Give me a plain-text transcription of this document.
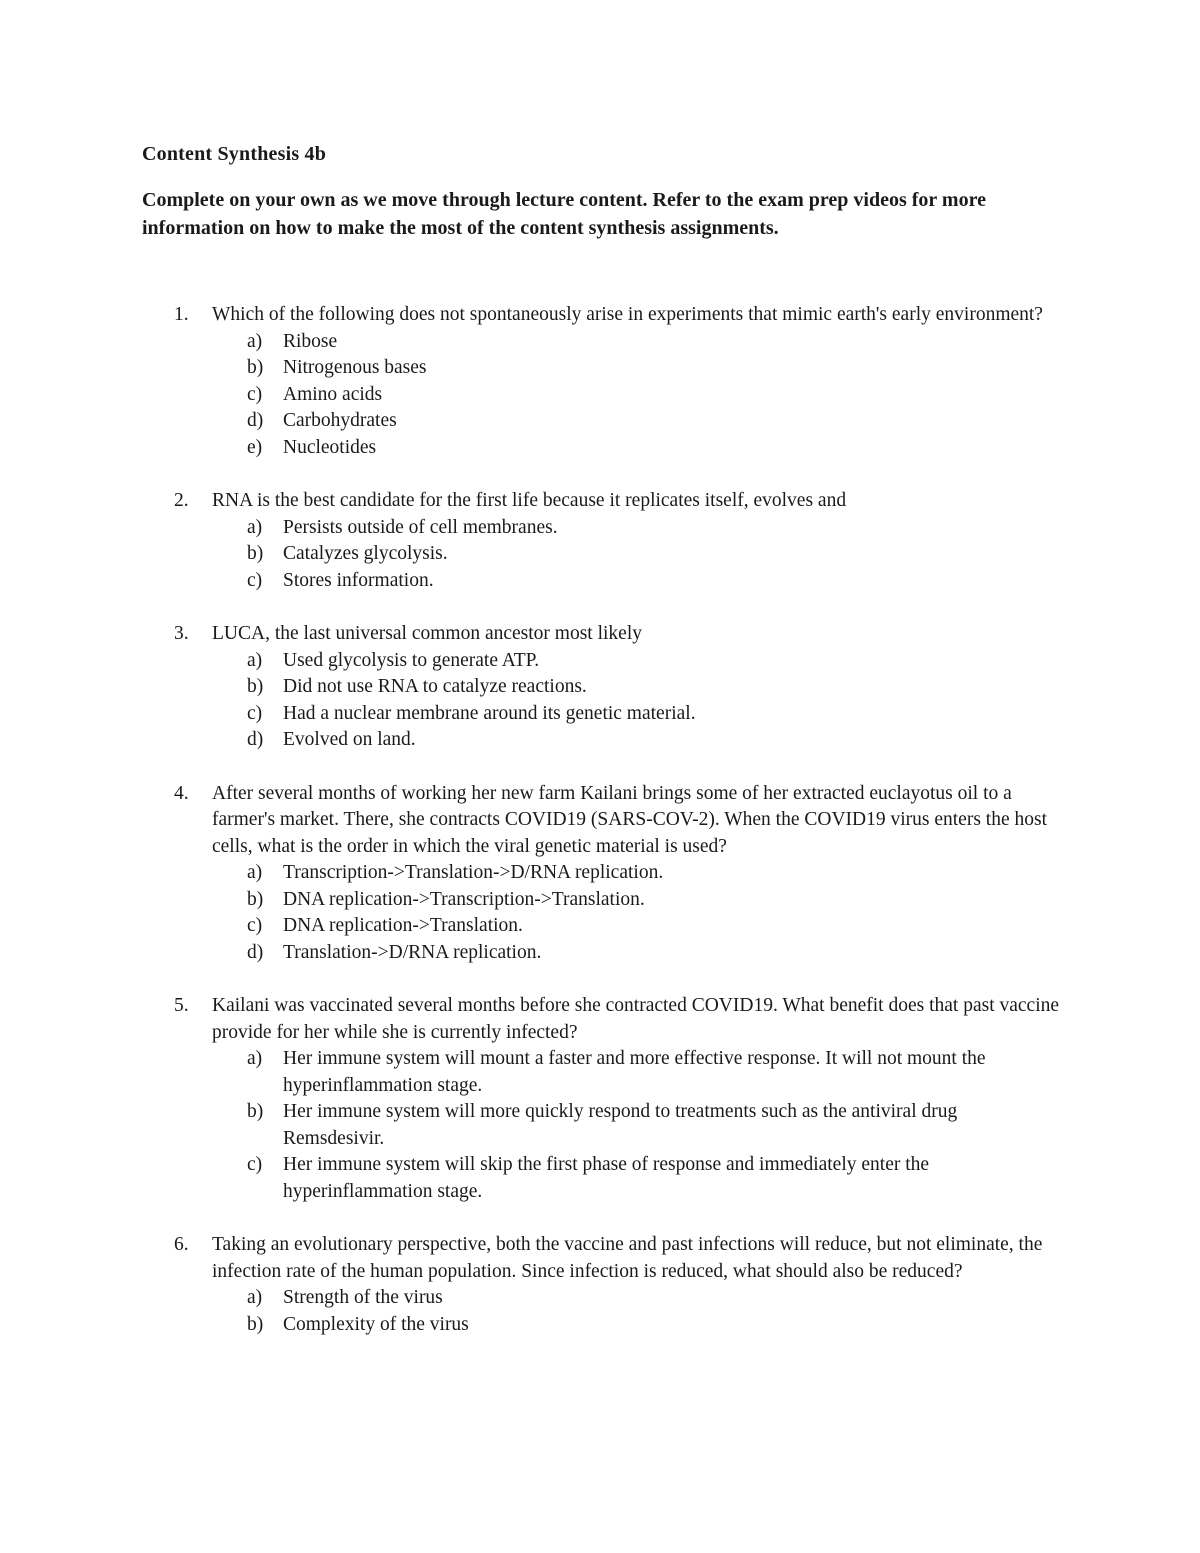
Content Synthesis 4b
Complete on your own as we move through lecture content. Refer to the exam prep videos for more information on how to make the most of the content synthesis assignments.
1. Which of the following does not spontaneously arise in experiments that mimic earth's early environment?
a) Ribose
b) Nitrogenous bases
c) Amino acids
d) Carbohydrates
e) Nucleotides
2. RNA is the best candidate for the first life because it replicates itself, evolves and
a) Persists outside of cell membranes.
b) Catalyzes glycolysis.
c) Stores information.
3. LUCA, the last universal common ancestor most likely
a) Used glycolysis to generate ATP.
b) Did not use RNA to catalyze reactions.
c) Had a nuclear membrane around its genetic material.
d) Evolved on land.
4. After several months of working her new farm Kailani brings some of her extracted euclayotus oil to a farmer's market. There, she contracts COVID19 (SARS-COV-2). When the COVID19 virus enters the host cells, what is the order in which the viral genetic material is used?
a) Transcription->Translation->D/RNA replication.
b) DNA replication->Transcription->Translation.
c) DNA replication->Translation.
d) Translation->D/RNA replication.
5. Kailani was vaccinated several months before she contracted COVID19. What benefit does that past vaccine provide for her while she is currently infected?
a) Her immune system will mount a faster and more effective response. It will not mount the hyperinflammation stage.
b) Her immune system will more quickly respond to treatments such as the antiviral drug Remsdesivir.
c) Her immune system will skip the first phase of response and immediately enter the hyperinflammation stage.
6. Taking an evolutionary perspective, both the vaccine and past infections will reduce, but not eliminate, the infection rate of the human population. Since infection is reduced, what should also be reduced?
a) Strength of the virus
b) Complexity of the virus
